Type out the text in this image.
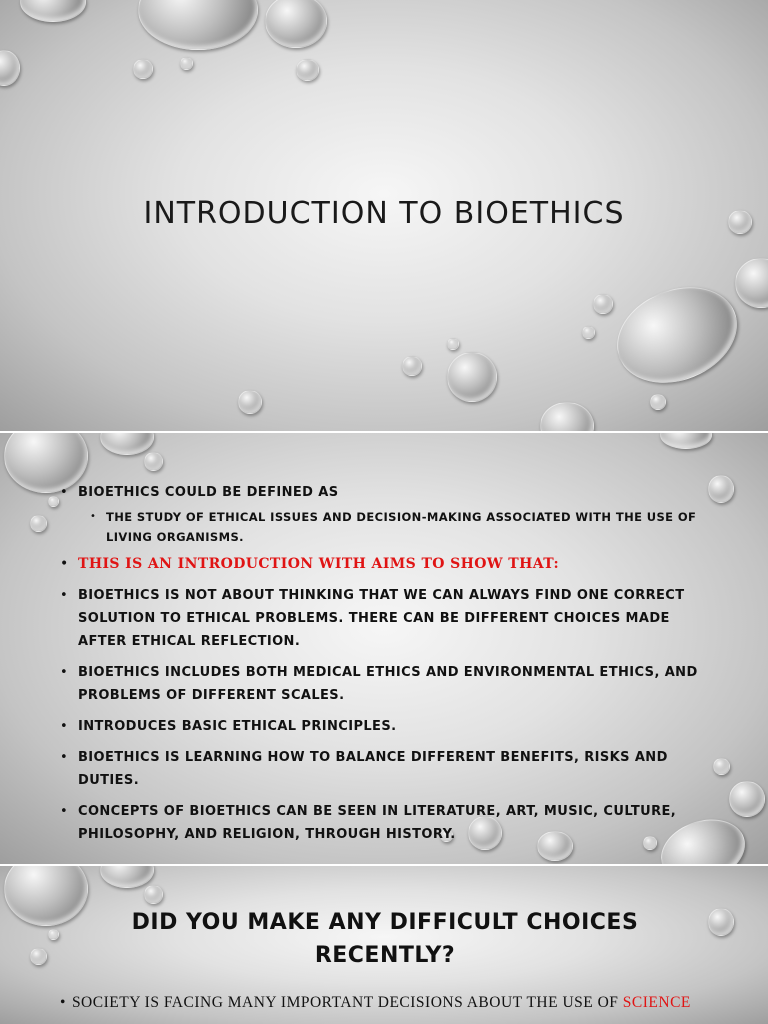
INTRODUCTION TO BIOETHICS
• BIOETHICS COULD BE DEFINED AS
• THE STUDY OF ETHICAL ISSUES AND DECISION-MAKING ASSOCIATED WITH THE USE OF LIVING ORGANISMS.
• THIS IS AN INTRODUCTION WITH AIMS TO SHOW THAT:
• BIOETHICS IS NOT ABOUT THINKING THAT WE CAN ALWAYS FIND ONE CORRECT SOLUTION TO ETHICAL PROBLEMS. THERE CAN BE DIFFERENT CHOICES MADE AFTER ETHICAL REFLECTION.
• BIOETHICS INCLUDES BOTH MEDICAL ETHICS AND ENVIRONMENTAL ETHICS, AND PROBLEMS OF DIFFERENT SCALES.
• INTRODUCES BASIC ETHICAL PRINCIPLES.
• BIOETHICS IS LEARNING HOW TO BALANCE DIFFERENT BENEFITS, RISKS AND DUTIES.
• CONCEPTS OF BIOETHICS CAN BE SEEN IN LITERATURE, ART, MUSIC, CULTURE, PHILOSOPHY, AND RELIGION, THROUGH HISTORY.
DID YOU MAKE ANY DIFFICULT CHOICES RECENTLY?

• SOCIETY IS FACING MANY IMPORTANT DECISIONS ABOUT THE USE OF SCIENCE
